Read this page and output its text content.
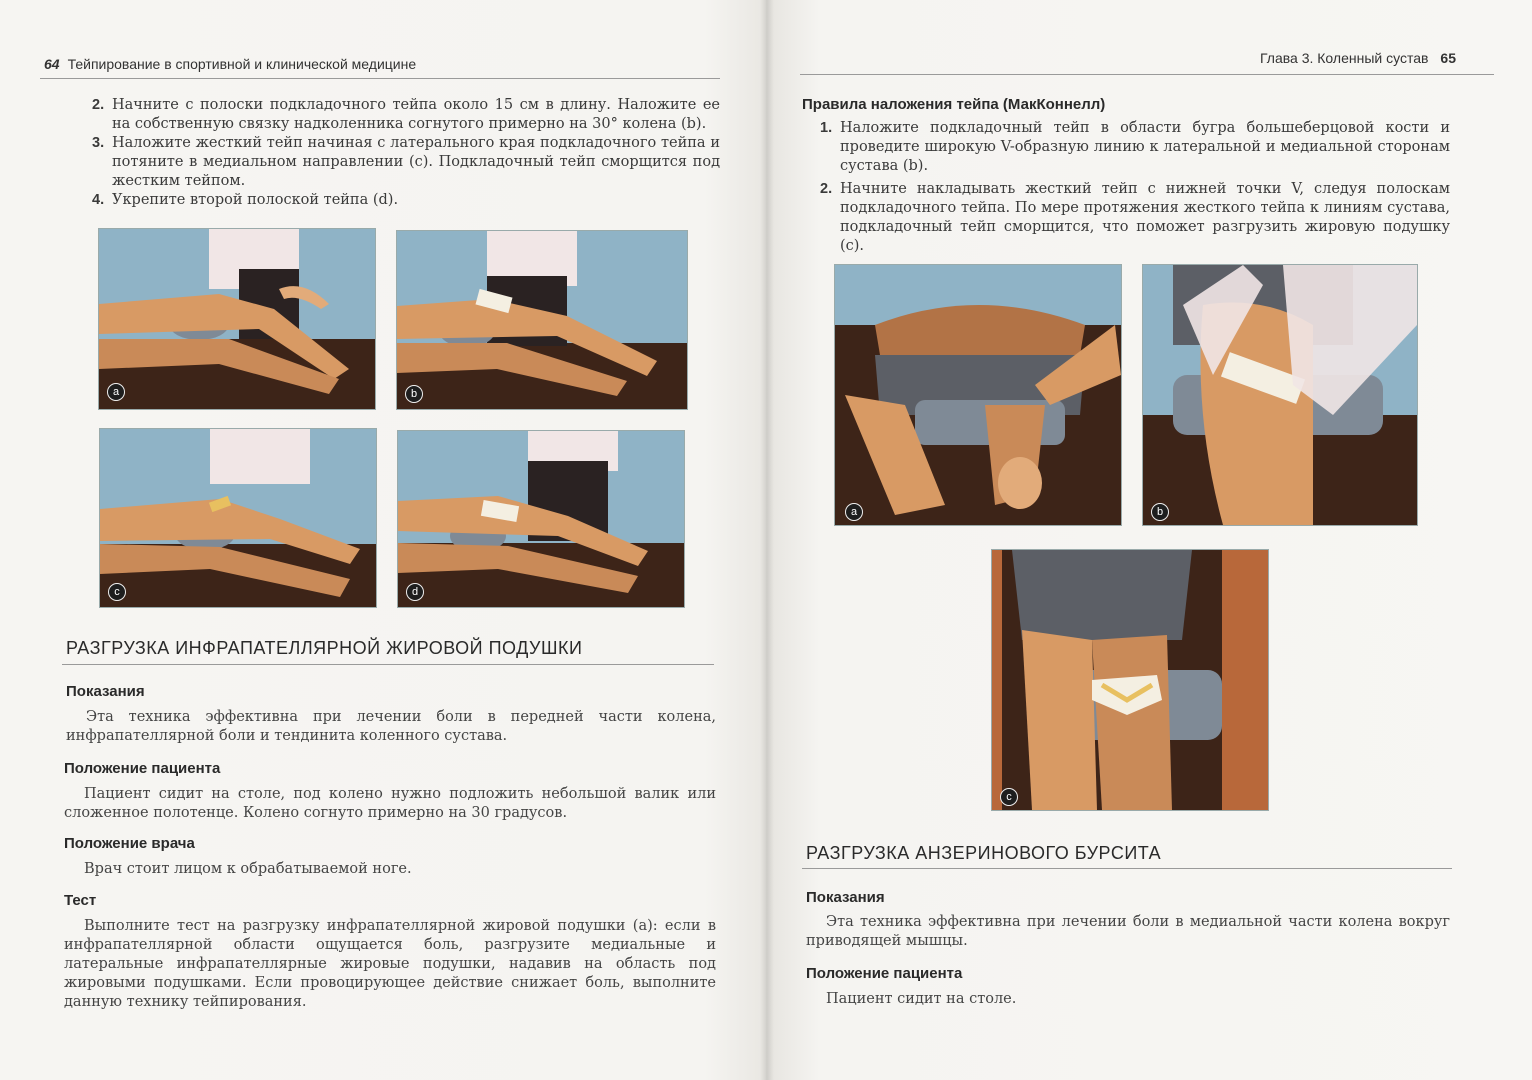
64 Тейпирование в спортивной и клинической медицине
2. Начните с полоски подкладочного тейпа около 15 см в длину. Наложите ее на собственную связку надколенника согнутого примерно на 30° колена (b).
3. Наложите жесткий тейп начиная с латерального края подкладочного тейпа и потяните в медиальном направлении (c). Подкладочный тейп сморщится под жестким тейпом.
4. Укрепите второй полоской тейпа (d).
a	b
c	d
РАЗГРУЗКА ИНФРАПАТЕЛЛЯРНОЙ ЖИРОВОЙ ПОДУШКИ
Показания
Эта техника эффективна при лечении боли в передней части колена, инфрапателлярной боли и тендинита коленного сустава.
Положение пациента
Пациент сидит на столе, под колено нужно подложить небольшой валик или сложенное полотенце. Колено согнуто примерно на 30 градусов.
Положение врача
Врач стоит лицом к обрабатываемой ноге.
Тест
Выполните тест на разгрузку инфрапателлярной жировой подушки (a): если в инфрапателлярной области ощущается боль, разгрузите медиальные и латеральные инфрапателлярные жировые подушки, надавив на область под жировыми подушками. Если провоцирующее действие снижает боль, выполните данную технику тейпирования.
Глава 3. Коленный сустав 65
Правила наложения тейпа (МакКоннелл)
1. Наложите подкладочный тейп в области бугра большеберцовой кости и проведите широкую V-образную линию к латеральной и медиальной сторонам сустава (b).
2. Начните накладывать жесткий тейп с нижней точки V, следуя полоскам подкладочного тейпа. По мере протяжения жесткого тейпа к линиям сустава, подкладочный тейп сморщится, что поможет разгрузить жировую подушку (c).
a	b
c
РАЗГРУЗКА АНЗЕРИНОВОГО БУРСИТА
Показания
Эта техника эффективна при лечении боли в медиальной части колена вокруг приводящей мышцы.
Положение пациента
Пациент сидит на столе.
